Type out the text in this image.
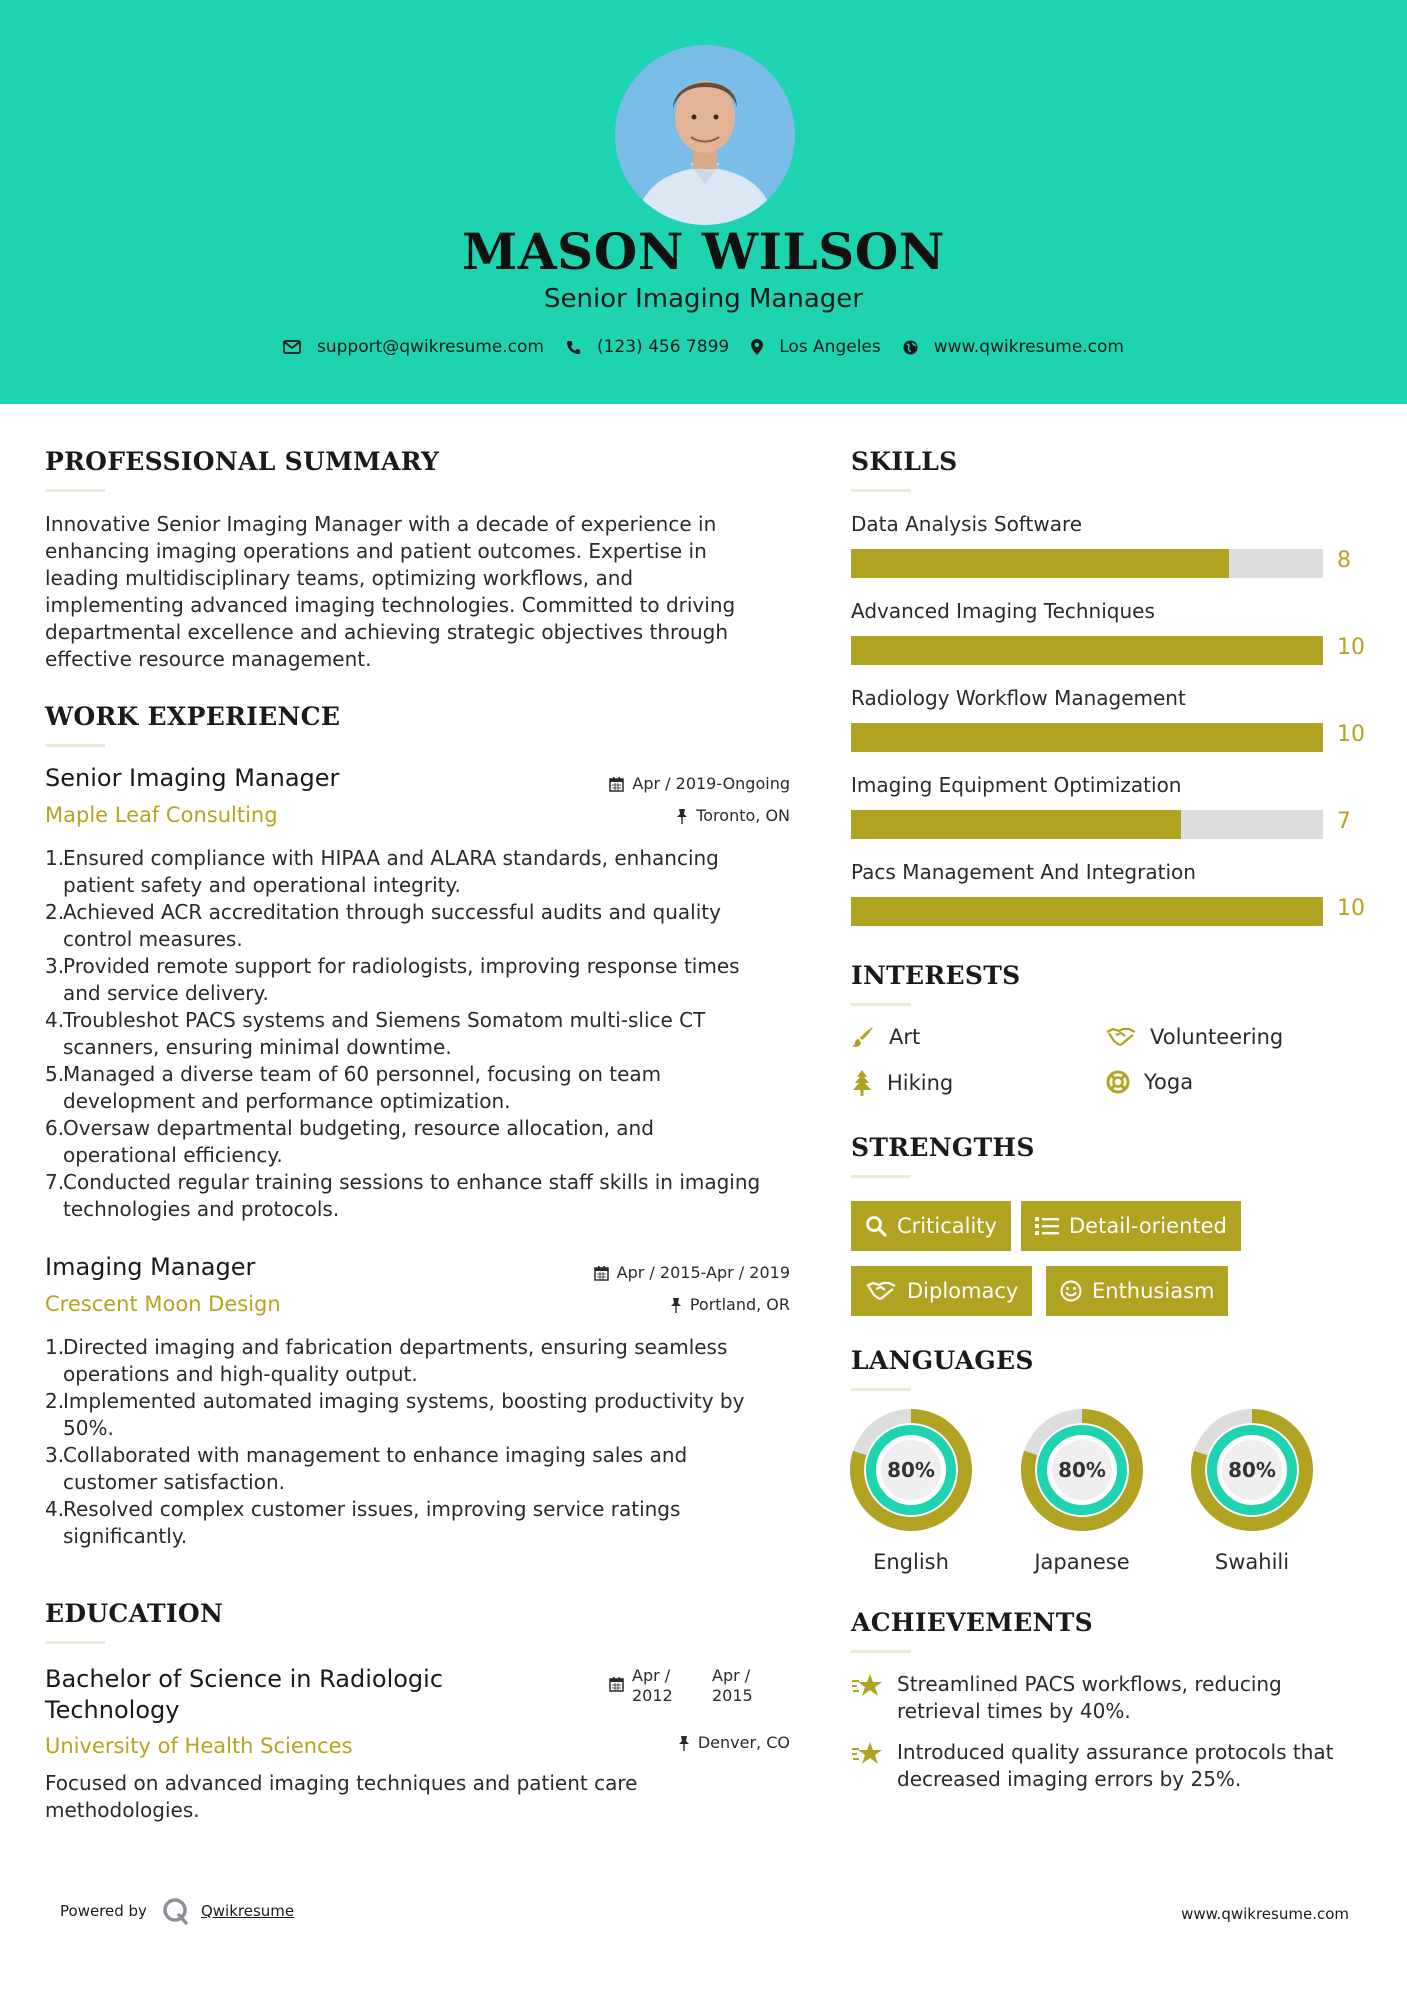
MASON WILSON
Senior Imaging Manager
support@qwikresume.com	(123) 456 7899	Los Angeles	www.qwikresume.com
PROFESSIONAL SUMMARY
Innovative Senior Imaging Manager with a decade of experience in
enhancing imaging operations and patient outcomes. Expertise in
leading multidisciplinary teams, optimizing workflows, and
implementing advanced imaging technologies. Committed to driving
departmental excellence and achieving strategic objectives through
effective resource management.
WORK EXPERIENCE
Senior Imaging Manager
Maple Leaf Consulting
Apr / 2019-Ongoing
Toronto, ON
1.
Ensured compliance with HIPAA and ALARA standards, enhancing
patient safety and operational integrity.
2.
Achieved ACR accreditation through successful audits and quality
control measures.
3.
Provided remote support for radiologists, improving response times
and service delivery.
4.
Troubleshot PACS systems and Siemens Somatom multi-slice CT
scanners, ensuring minimal downtime.
5.
Managed a diverse team of 60 personnel, focusing on team
development and performance optimization.
6.
Oversaw departmental budgeting, resource allocation, and
operational efficiency.
7.
Conducted regular training sessions to enhance staff skills in imaging
technologies and protocols.
Imaging Manager
Crescent Moon Design
Apr / 2015-Apr / 2019
Portland, OR
1.
Directed imaging and fabrication departments, ensuring seamless
operations and high-quality output.
2.
Implemented automated imaging systems, boosting productivity by
50%.
3.
Collaborated with management to enhance imaging sales and
customer satisfaction.
4.
Resolved complex customer issues, improving service ratings
significantly.
EDUCATION
Bachelor of Science in Radiologic
Technology
University of Health Sciences
Apr /
2012
Apr /
2015
Denver, CO
Focused on advanced imaging techniques and patient care
methodologies.
SKILLS
Data Analysis Software
8
Advanced Imaging Techniques
10
Radiology Workflow Management
10
Imaging Equipment Optimization
7
Pacs Management And Integration
10
INTERESTS
Art	Volunteering
Hiking	Yoga
STRENGTHS
Criticality	Detail-oriented
Diplomacy	Enthusiasm
LANGUAGES
80%
English
80%
Japanese
80%
Swahili
ACHIEVEMENTS
Streamlined PACS workflows, reducing
retrieval times by 40%.
Introduced quality assurance protocols that
decreased imaging errors by 25%.
Powered by	Qwikresume	www.qwikresume.com
